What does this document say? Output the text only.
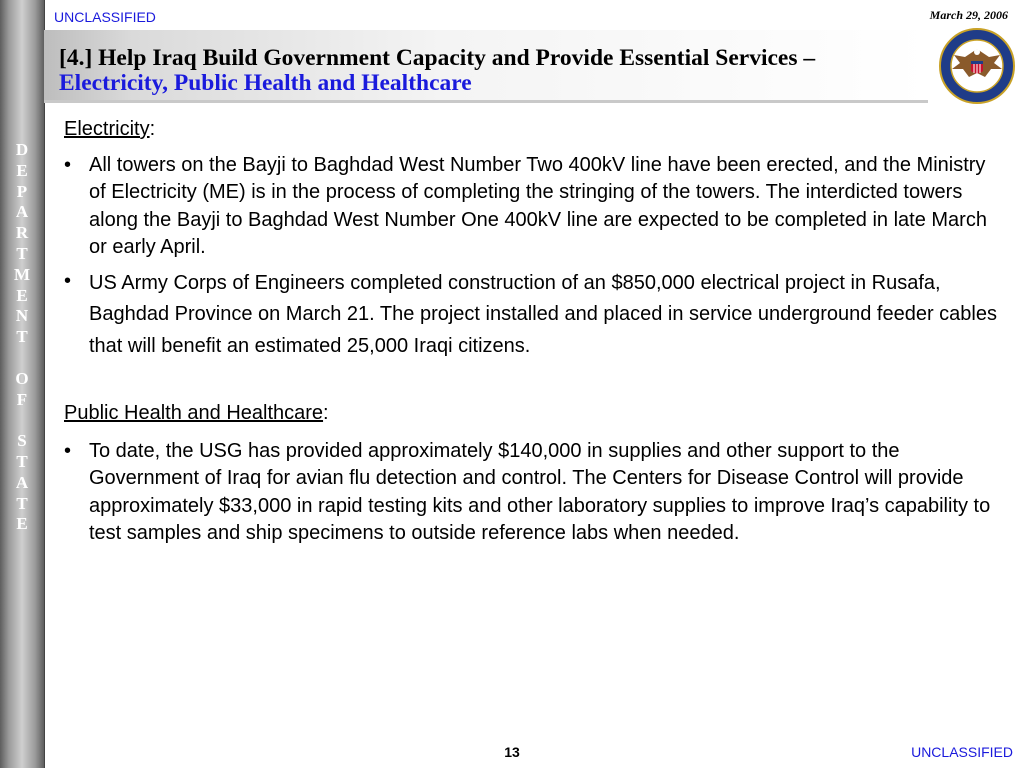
D
E
P
A
R
T
M
E
N
T
O
F
S
T
A
T
E
UNCLASSIFIED	March 29, 2006
[4.] Help Iraq Build Government Capacity and Provide Essential Services – Electricity, Public Health and Healthcare

Electricity:

• All towers on the Bayji to Baghdad West Number Two 400kV line have been erected, and the Ministry of Electricity (ME) is in the process of completing the stringing of the towers. The interdicted towers along the Bayji to Baghdad West Number One 400kV line are expected to be completed in late March or early April.
• US Army Corps of Engineers completed construction of an $850,000 electrical project in Rusafa, Baghdad Province on March 21. The project installed and placed in service underground feeder cables that will benefit an estimated 25,000 Iraqi citizens.

Public Health and Healthcare:

• To date, the USG has provided approximately $140,000 in supplies and other support to the Government of Iraq for avian flu detection and control. The Centers for Disease Control will provide approximately $33,000 in rapid testing kits and other laboratory supplies to improve Iraq’s capability to test samples and ship specimens to outside reference labs when needed.
13	UNCLASSIFIED
